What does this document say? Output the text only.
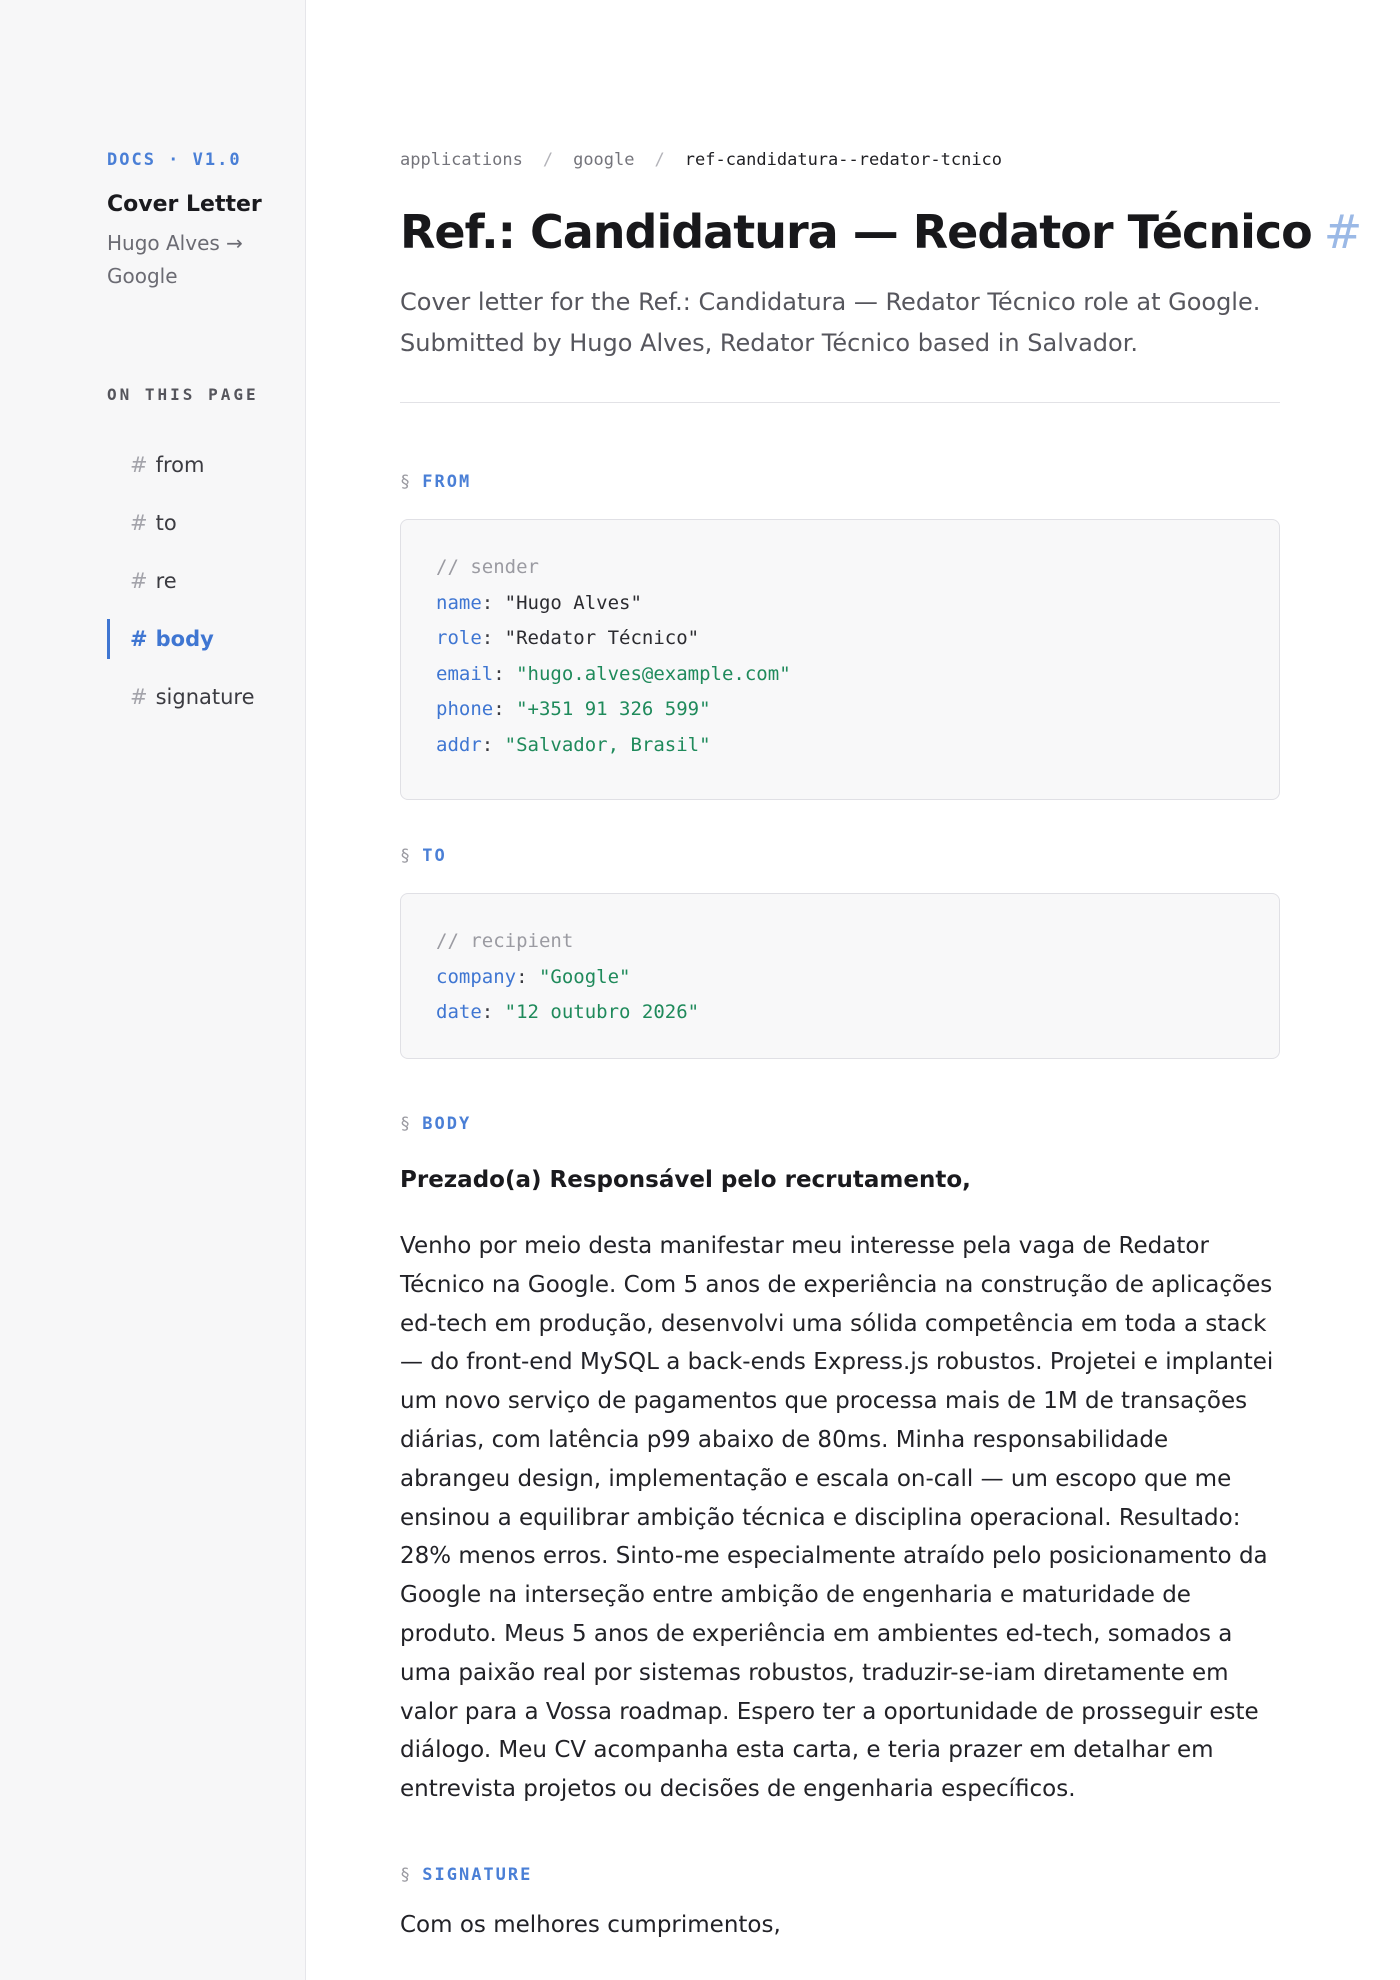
DOCS · V1.0
Cover Letter
Hugo Alves → Google
ON THIS PAGE
# from
# to
# re
# body
# signature
applications / google / ref-candidatura--redator-tcnico
Ref.: Candidatura — Redator Técnico #

Cover letter for the Ref.: Candidatura — Redator Técnico role at Google. Submitted by Hugo Alves, Redator Técnico based in Salvador.

§ FROM
// sender
name: "Hugo Alves"
role: "Redator Técnico"
email: "hugo.alves@example.com"
phone: "+351 91 326 599"
addr: "Salvador, Brasil"
§ TO
// recipient
company: "Google"
date: "12 outubro 2026"
§ BODY
Prezado(a) Responsável pelo recrutamento,

Venho por meio desta manifestar meu interesse pela vaga de Redator Técnico na Google. Com 5 anos de experiência na construção de aplicações ed-tech em produção, desenvolvi uma sólida competência em toda a stack — do front-end MySQL a back-ends Express.js robustos. Projetei e implantei um novo serviço de pagamentos que processa mais de 1M de transações diárias, com latência p99 abaixo de 80ms. Minha responsabilidade abrangeu design, implementação e escala on-call — um escopo que me ensinou a equilibrar ambição técnica e disciplina operacional. Resultado: 28% menos erros. Sinto-me especialmente atraído pelo posicionamento da Google na interseção entre ambição de engenharia e maturidade de produto. Meus 5 anos de experiência em ambientes ed-tech, somados a uma paixão real por sistemas robustos, traduzir-se-iam diretamente em valor para a Vossa roadmap. Espero ter a oportunidade de prosseguir este diálogo. Meu CV acompanha esta carta, e teria prazer em detalhar em entrevista projetos ou decisões de engenharia específicos.

§ SIGNATURE
Com os melhores cumprimentos,
